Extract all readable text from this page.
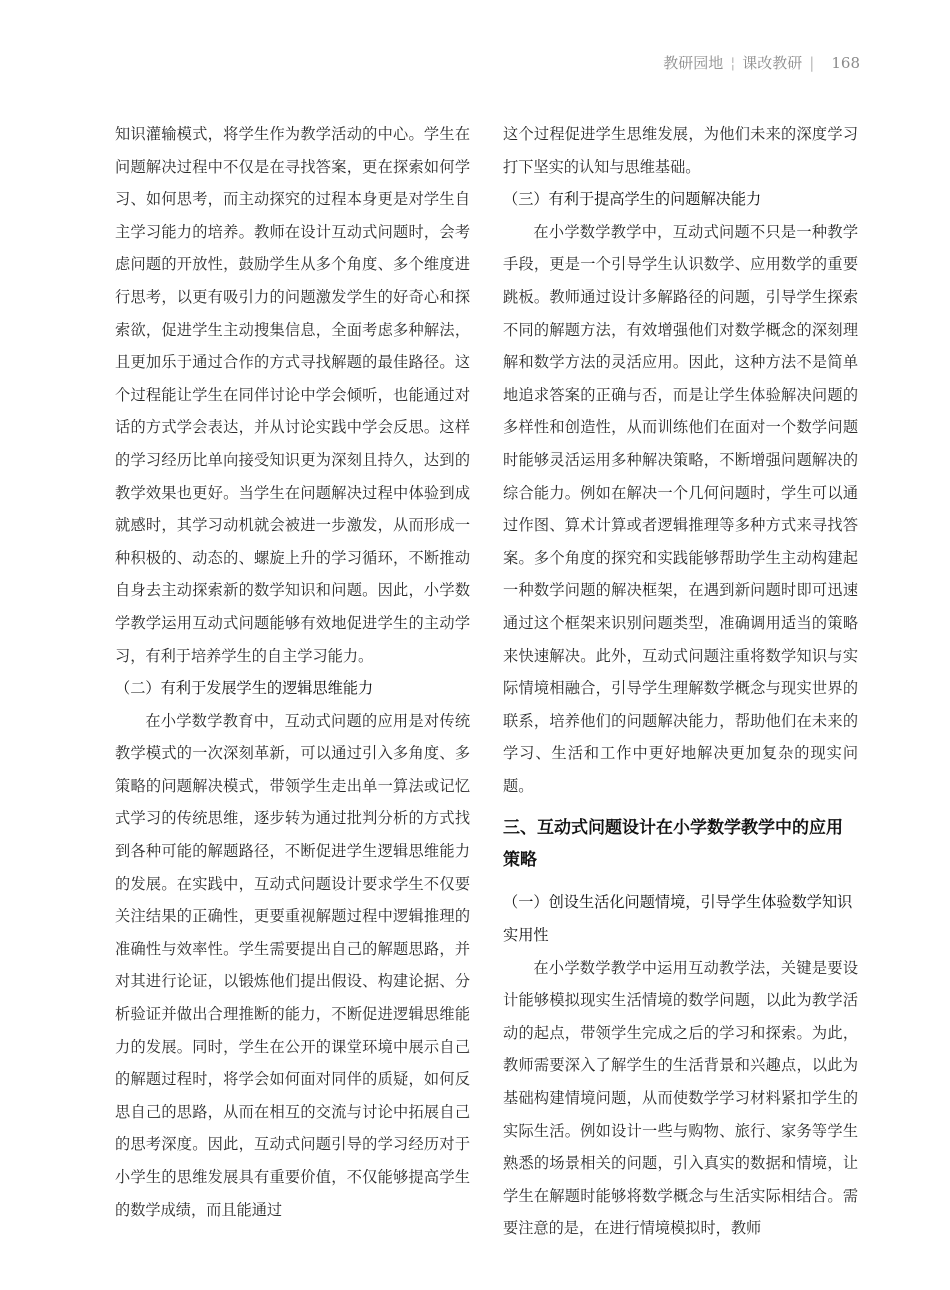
教研园地 ¦ 课改教研 | 168

知识灌输模式，将学生作为教学活动的中心。学生在问题解决过程中不仅是在寻找答案，更在探索如何学习、如何思考，而主动探究的过程本身更是对学生自主学习能力的培养。教师在设计互动式问题时，会考虑问题的开放性，鼓励学生从多个角度、多个维度进行思考，以更有吸引力的问题激发学生的好奇心和探索欲，促进学生主动搜集信息，全面考虑多种解法，且更加乐于通过合作的方式寻找解题的最佳路径。这个过程能让学生在同伴讨论中学会倾听，也能通过对话的方式学会表达，并从讨论实践中学会反思。这样的学习经历比单向接受知识更为深刻且持久，达到的教学效果也更好。当学生在问题解决过程中体验到成就感时，其学习动机就会被进一步激发，从而形成一种积极的、动态的、螺旋上升的学习循环，不断推动自身去主动探索新的数学知识和问题。因此，小学数学教学运用互动式问题能够有效地促进学生的主动学习，有利于培养学生的自主学习能力。

（二）有利于发展学生的逻辑思维能力

在小学数学教育中，互动式问题的应用是对传统教学模式的一次深刻革新，可以通过引入多角度、多策略的问题解决模式，带领学生走出单一算法或记忆式学习的传统思维，逐步转为通过批判分析的方式找到各种可能的解题路径，不断促进学生逻辑思维能力的发展。在实践中，互动式问题设计要求学生不仅要关注结果的正确性，更要重视解题过程中逻辑推理的准确性与效率性。学生需要提出自己的解题思路，并对其进行论证，以锻炼他们提出假设、构建论据、分析验证并做出合理推断的能力，不断促进逻辑思维能力的发展。同时，学生在公开的课堂环境中展示自己的解题过程时，将学会如何面对同伴的质疑，如何反思自己的思路，从而在相互的交流与讨论中拓展自己的思考深度。因此，互动式问题引导的学习经历对于小学生的思维发展具有重要价值，不仅能够提高学生的数学成绩，而且能通过

这个过程促进学生思维发展，为他们未来的深度学习打下坚实的认知与思维基础。

（三）有利于提高学生的问题解决能力

在小学数学教学中，互动式问题不只是一种教学手段，更是一个引导学生认识数学、应用数学的重要跳板。教师通过设计多解路径的问题，引导学生探索不同的解题方法，有效增强他们对数学概念的深刻理解和数学方法的灵活应用。因此，这种方法不是简单地追求答案的正确与否，而是让学生体验解决问题的多样性和创造性，从而训练他们在面对一个数学问题时能够灵活运用多种解决策略，不断增强问题解决的综合能力。例如在解决一个几何问题时，学生可以通过作图、算术计算或者逻辑推理等多种方式来寻找答案。多个角度的探究和实践能够帮助学生主动构建起一种数学问题的解决框架，在遇到新问题时即可迅速通过这个框架来识别问题类型，准确调用适当的策略来快速解决。此外，互动式问题注重将数学知识与实际情境相融合，引导学生理解数学概念与现实世界的联系，培养他们的问题解决能力，帮助他们在未来的学习、生活和工作中更好地解决更加复杂的现实问题。

三、互动式问题设计在小学数学教学中的应用策略
（一）创设生活化问题情境，引导学生体验数学知识实用性

在小学数学教学中运用互动教学法，关键是要设计能够模拟现实生活情境的数学问题，以此为教学活动的起点，带领学生完成之后的学习和探索。为此，教师需要深入了解学生的生活背景和兴趣点，以此为基础构建情境问题，从而使数学学习材料紧扣学生的实际生活。例如设计一些与购物、旅行、家务等学生熟悉的场景相关的问题，引入真实的数据和情境，让学生在解题时能够将数学概念与生活实际相结合。需要注意的是，在进行情境模拟时，教师
